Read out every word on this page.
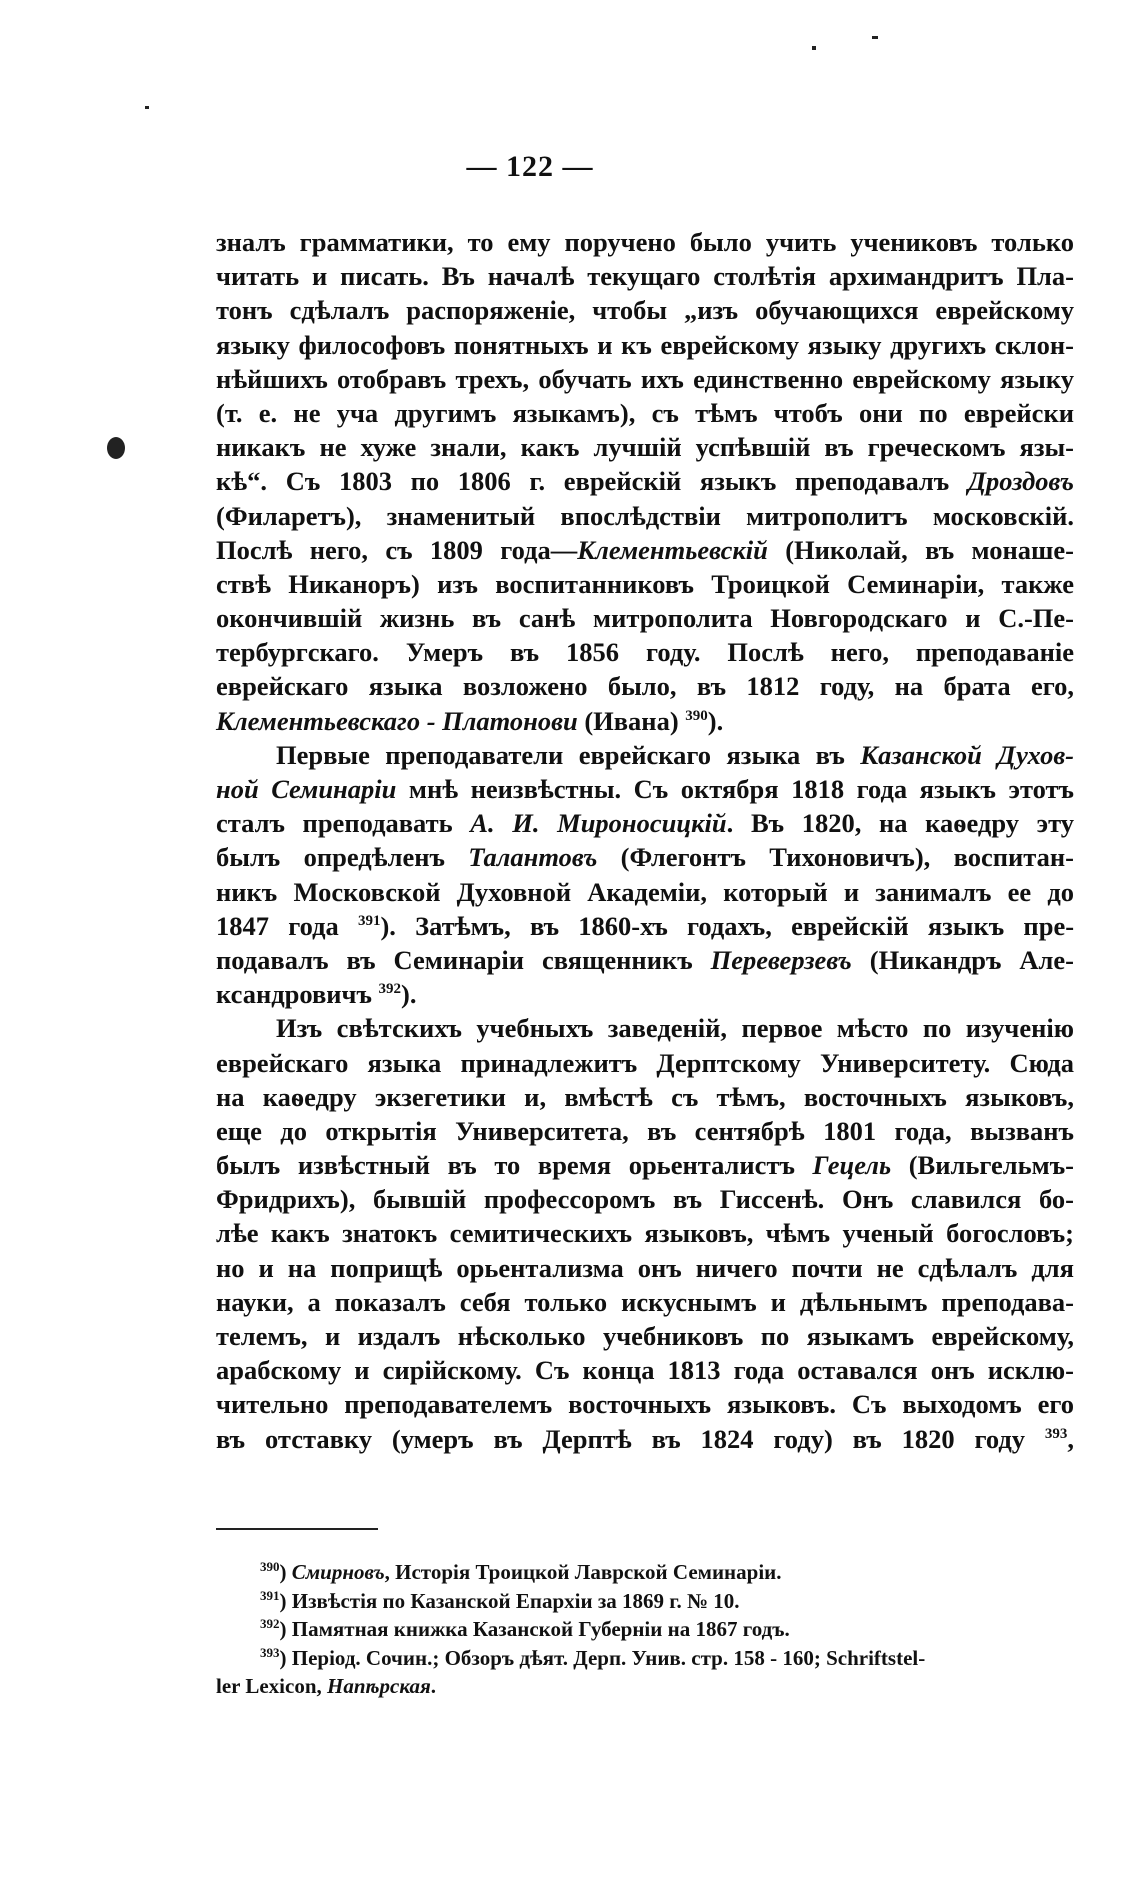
— 122 —
зналъ грамматики, то ему поручено было учить учениковъ только
читать и писать. Въ началѣ текущаго столѣтія архимандритъ Пла-
тонъ сдѣлалъ распоряженіе, чтобы „изъ обучающихся еврейскому
языку философовъ понятныхъ и къ еврейскому языку другихъ склон-
нѣйшихъ отобравъ трехъ, обучать ихъ единственно еврейскому языку
(т. е. не уча другимъ языкамъ), съ тѣмъ чтобъ они по еврейски
никакъ не хуже знали, какъ лучшій успѣвшій въ греческомъ язы-
кѣ“. Съ 1803 по 1806 г. еврейскій языкъ преподавалъ Дроздовъ
(Филаретъ), знаменитый впослѣдствіи митрополитъ московскій.
Послѣ него, съ 1809 года—Клементьевскій (Николай, въ монаше-
ствѣ Никаноръ) изъ воспитанниковъ Троицкой Семинаріи, также
окончившій жизнь въ санѣ митрополита Новгородскаго и С.-Пе-
тербургскаго. Умеръ въ 1856 году. Послѣ него, преподаваніе
еврейскаго языка возложено было, въ 1812 году, на брата его,
Клементьевскаго - Платонови (Ивана) $^{390}$).
Первые преподаватели еврейскаго языка въ Казанской Духов-
ной Семинаріи мнѣ неизвѣстны. Съ октября 1818 года языкъ этотъ
сталъ преподавать А. И. Мироносицкій. Въ 1820, на каѳедру эту
былъ опредѣленъ Талантовъ (Флегонтъ Тихоновичъ), воспитан-
никъ Московской Духовной Академіи, который и занималъ ее до
1847 года $^{391}$). Затѣмъ, въ 1860-хъ годахъ, еврейскій языкъ пре-
подавалъ въ Семинаріи священникъ Переверзевъ (Никандръ Але-
ксандровичъ $^{392}$).
Изъ свѣтскихъ учебныхъ заведеній, первое мѣсто по изученію
еврейскаго языка принадлежитъ Дерптскому Университету. Сюда
на каѳедру экзегетики и, вмѣстѣ съ тѣмъ, восточныхъ языковъ,
еще до открытія Университета, въ сентябрѣ 1801 года, вызванъ
былъ извѣстный въ то время орьенталистъ Гецель (Вильгельмъ-
Фридрихъ), бывшій профессоромъ въ Гиссенѣ. Онъ славился бо-
лѣе какъ знатокъ семитическихъ языковъ, чѣмъ ученый богословъ;
но и на поприщѣ орьентализма онъ ничего почти не сдѣлалъ для
науки, а показалъ себя только искуснымъ и дѣльнымъ преподава-
телемъ, и издалъ нѣсколько учебниковъ по языкамъ еврейскому,
арабскому и сирійскому. Съ конца 1813 года оставался онъ исклю-
чительно преподавателемъ восточныхъ языковъ. Съ выходомъ его
въ отставку (умеръ въ Дерптѣ въ 1824 году) въ 1820 году $^{393}$,
$^{390}$) Смирновъ, Исторія Троицкой Лаврской Семинаріи.
$^{391}$) Извѣстія по Казанской Епархіи за 1869 г. № 10.
$^{392}$) Памятная книжка Казанской Губерніи на 1867 годъ.
$^{393}$) Період. Сочин.; Обзоръ дѣят. Дерп. Унив. стр. 158 - 160; Schriftstel-
ler Lexicon, Напѣрская.
